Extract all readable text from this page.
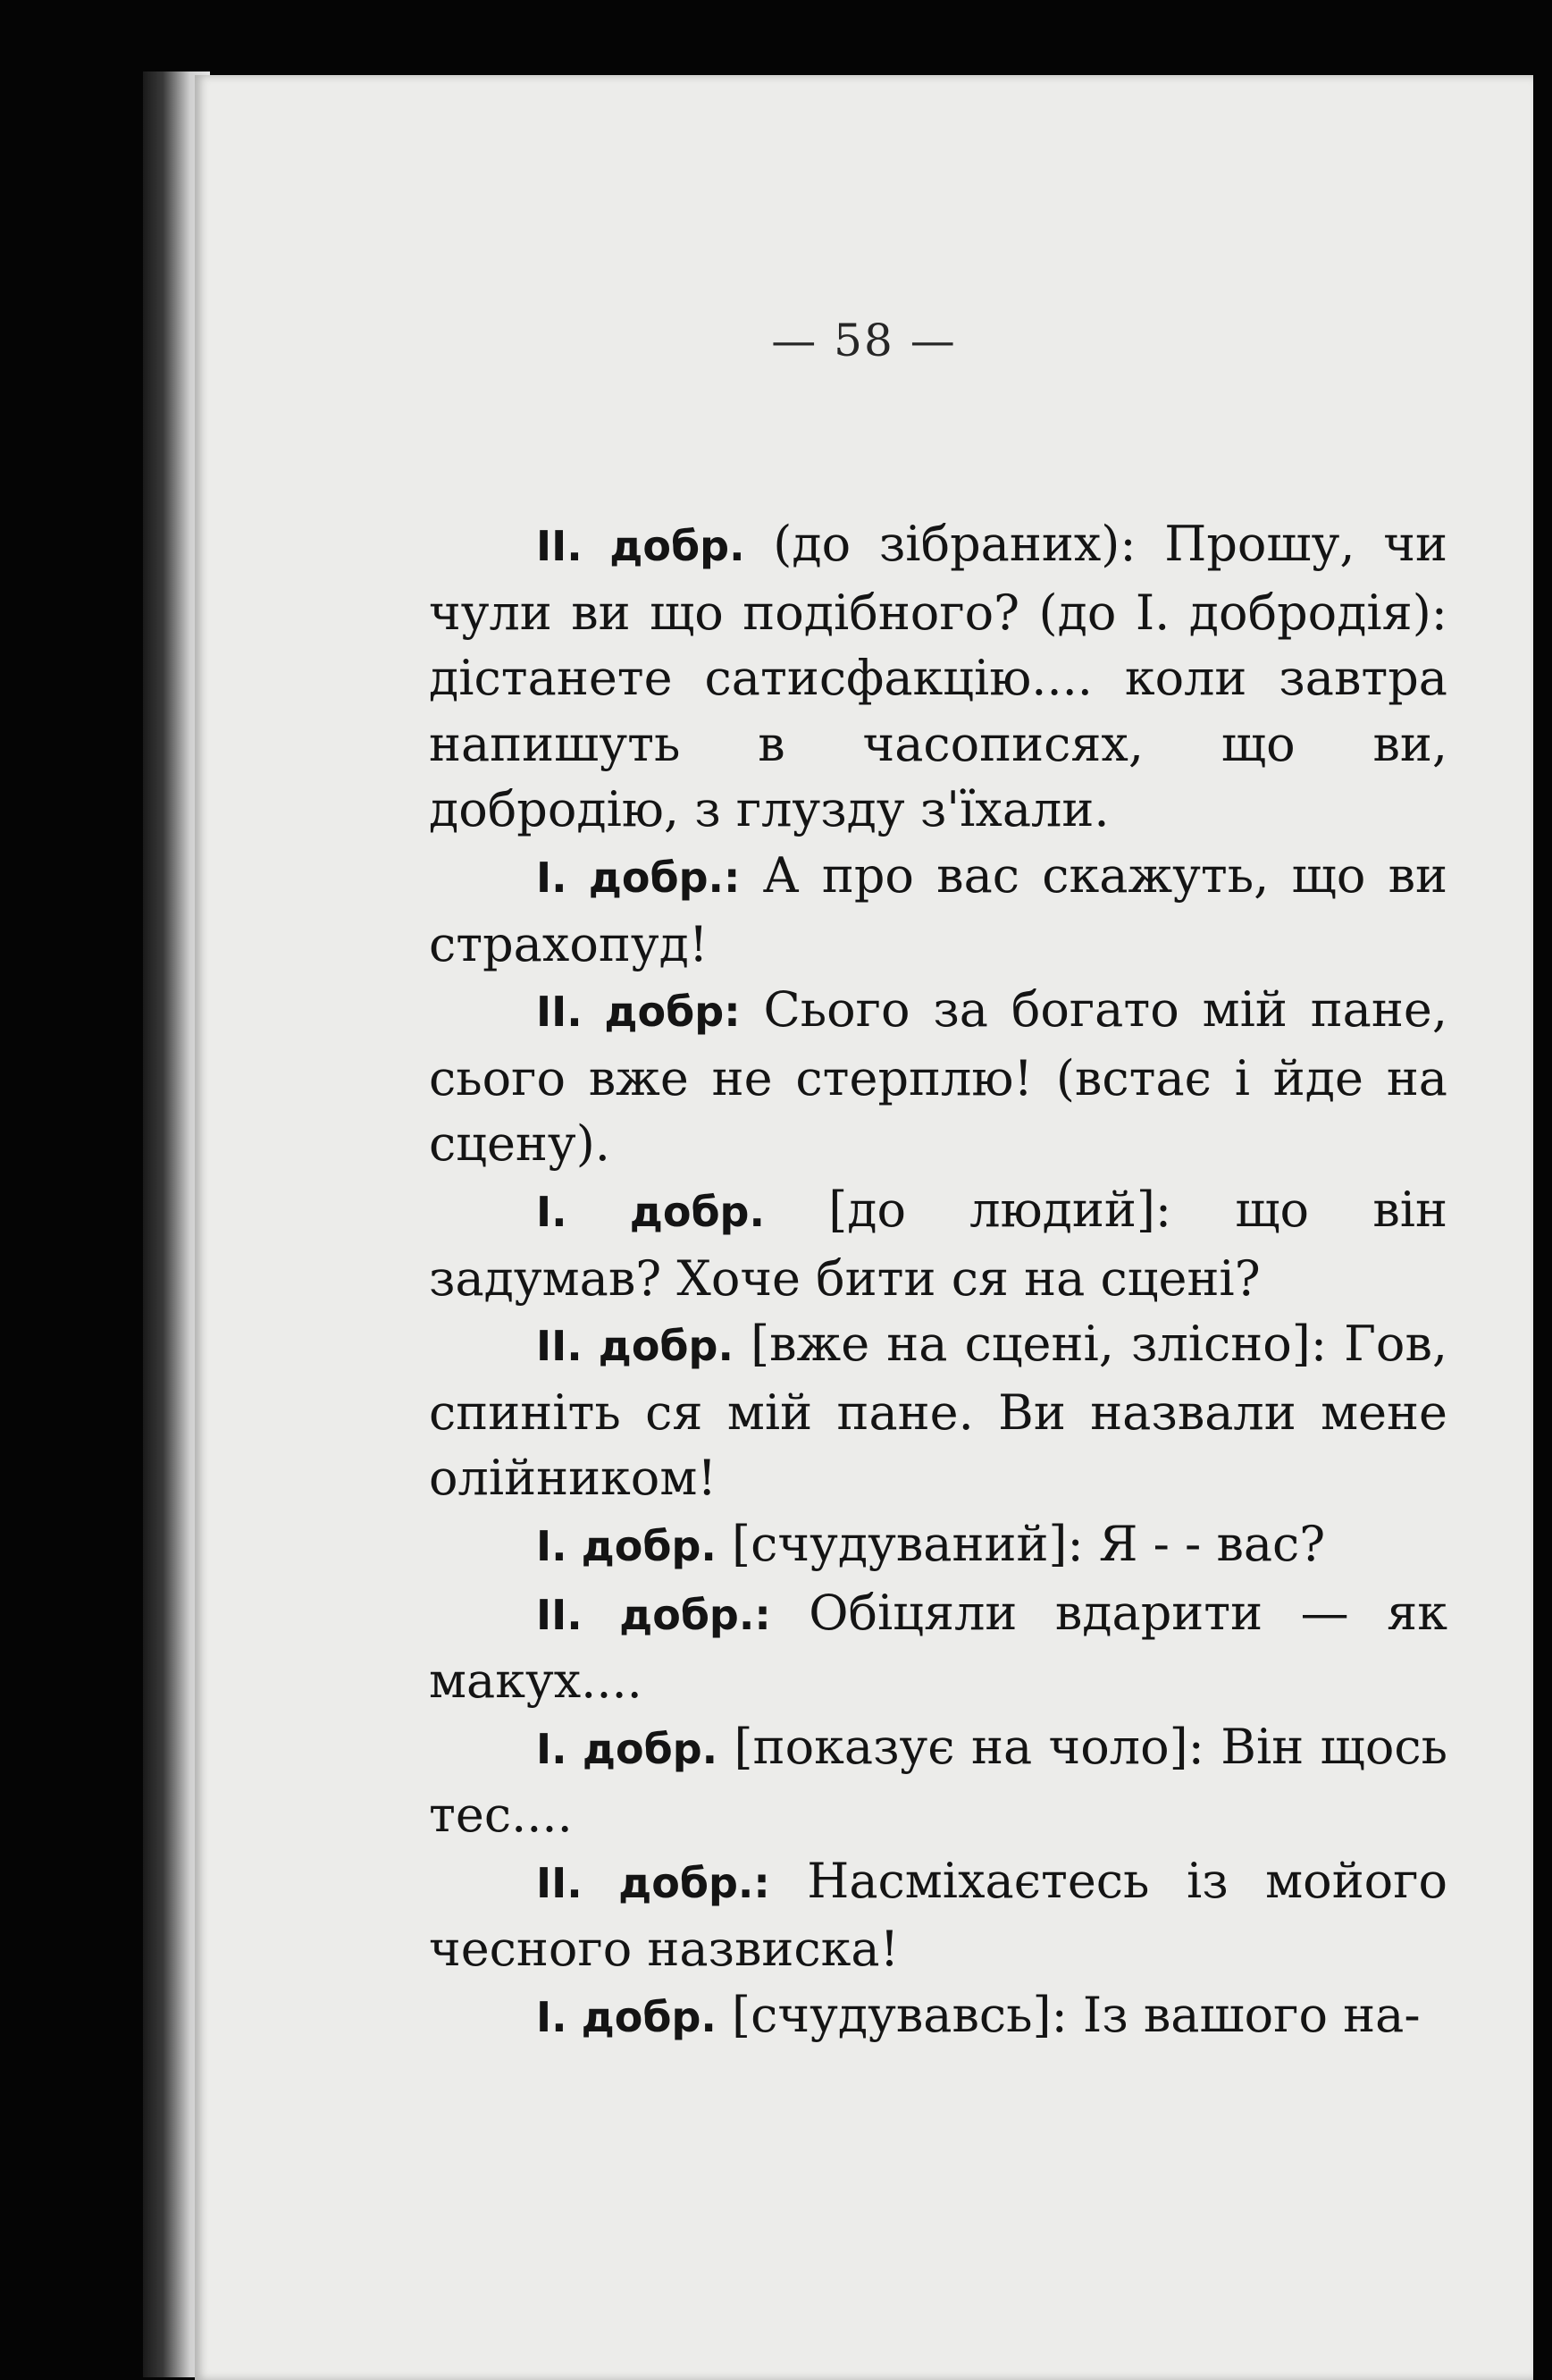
— 58 —

II. добр. (до зібраних): Прошу, чи чули ви що подібного? (до І. добродія): дістанете сатисфакцію.... коли завтра напишуть в часописях, що ви, добродію, з глузду з'їхали.

І. добр.: А про вас скажуть, що ви страхопуд!

II. добр: Сього за богато мій пане, сього вже не стерплю! (встає і йде на сцену).

І. добр. [до людий]: що він задумав? Хоче бити ся на сцені?

II. добр. [вже на сцені, злісно]: Гов, спиніть ся мій пане. Ви назвали мене олійником!

І. добр. [счудуваний]: Я - - вас?

II. добр.: Обіцяли вдарити — як макух....

І. добр. [показує на чоло]: Він щось тес....

II. добр.: Насміхаєтесь із мойого чесного назвиска!

І. добр. [счудувавсь]: Із вашого на-
